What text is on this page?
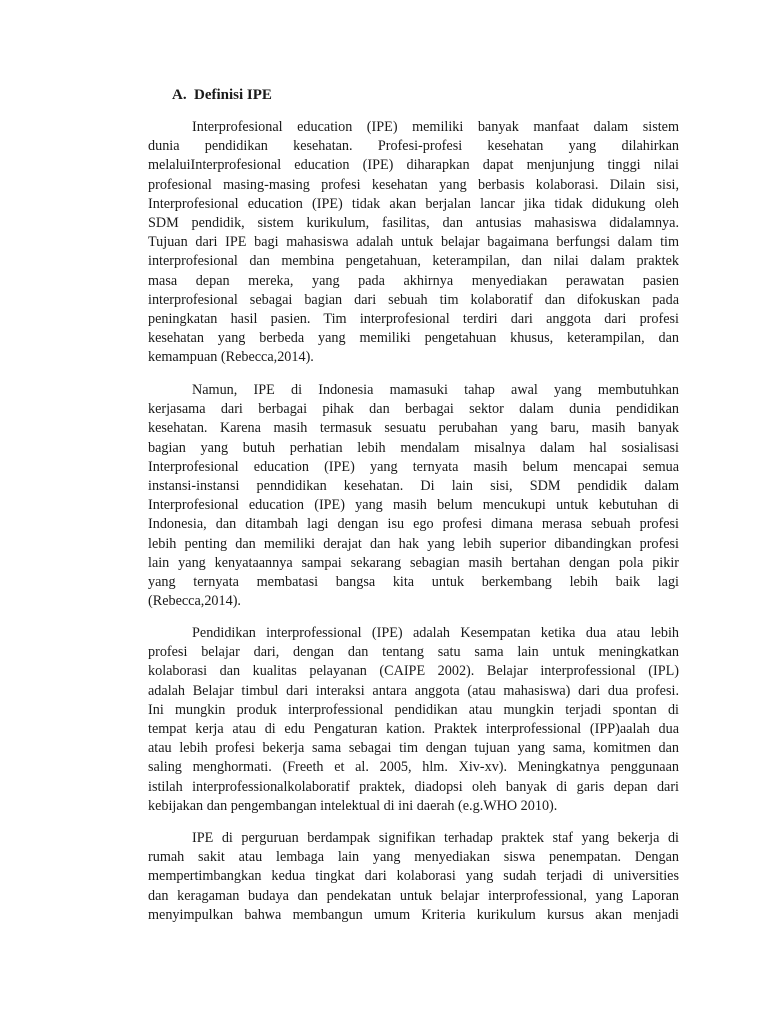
A. Definisi IPE
Interprofesional education (IPE) memiliki banyak manfaat dalam sistem
dunia pendidikan kesehatan. Profesi-profesi kesehatan yang dilahirkan
melaluiInterprofesional education (IPE) diharapkan dapat menjunjung tinggi nilai
profesional masing-masing profesi kesehatan yang berbasis kolaborasi. Dilain sisi,
Interprofesional education (IPE) tidak akan berjalan lancar jika tidak didukung oleh
SDM pendidik, sistem kurikulum, fasilitas, dan antusias mahasiswa didalamnya.
Tujuan dari IPE bagi mahasiswa adalah untuk belajar bagaimana berfungsi dalam tim
interprofesional dan membina pengetahuan, keterampilan, dan nilai dalam praktek
masa depan mereka, yang pada akhirnya menyediakan perawatan pasien
interprofesional sebagai bagian dari sebuah tim kolaboratif dan difokuskan pada
peningkatan hasil pasien. Tim interprofesional terdiri dari anggota dari profesi
kesehatan yang berbeda yang memiliki pengetahuan khusus, keterampilan, dan
kemampuan (Rebecca,2014).
Namun, IPE di Indonesia mamasuki tahap awal yang membutuhkan
kerjasama dari berbagai pihak dan berbagai sektor dalam dunia pendidikan
kesehatan. Karena masih termasuk sesuatu perubahan yang baru, masih banyak
bagian yang butuh perhatian lebih mendalam misalnya dalam hal sosialisasi
Interprofesional education (IPE) yang ternyata masih belum mencapai semua
instansi-instansi penndidikan kesehatan. Di lain sisi, SDM pendidik dalam
Interprofesional education (IPE) yang masih belum mencukupi untuk kebutuhan di
Indonesia, dan ditambah lagi dengan isu ego profesi dimana merasa sebuah profesi
lebih penting dan memiliki derajat dan hak yang lebih superior dibandingkan profesi
lain yang kenyataannya sampai sekarang sebagian masih bertahan dengan pola pikir
yang ternyata membatasi bangsa kita untuk berkembang lebih baik lagi
(Rebecca,2014).
Pendidikan interprofessional (IPE) adalah Kesempatan ketika dua atau lebih
profesi belajar dari, dengan dan tentang satu sama lain untuk meningkatkan
kolaborasi dan kualitas pelayanan (CAIPE 2002). Belajar interprofessional (IPL)
adalah Belajar timbul dari interaksi antara anggota (atau mahasiswa) dari dua profesi.
Ini mungkin produk interprofessional pendidikan atau mungkin terjadi spontan di
tempat kerja atau di edu Pengaturan kation. Praktek interprofessional (IPP)aalah dua
atau lebih profesi bekerja sama sebagai tim dengan tujuan yang sama, komitmen dan
saling menghormati. (Freeth et al. 2005, hlm. Xiv-xv). Meningkatnya penggunaan
istilah interprofessionalkolaboratif praktek, diadopsi oleh banyak di garis depan dari
kebijakan dan pengembangan intelektual di ini daerah (e.g.WHO 2010).
IPE di perguruan berdampak signifikan terhadap praktek staf yang bekerja di
rumah sakit atau lembaga lain yang menyediakan siswa penempatan. Dengan
mempertimbangkan kedua tingkat dari kolaborasi yang sudah terjadi di universities
dan keragaman budaya dan pendekatan untuk belajar interprofessional, yang Laporan
menyimpulkan bahwa membangun umum Kriteria kurikulum kursus akan menjadi
